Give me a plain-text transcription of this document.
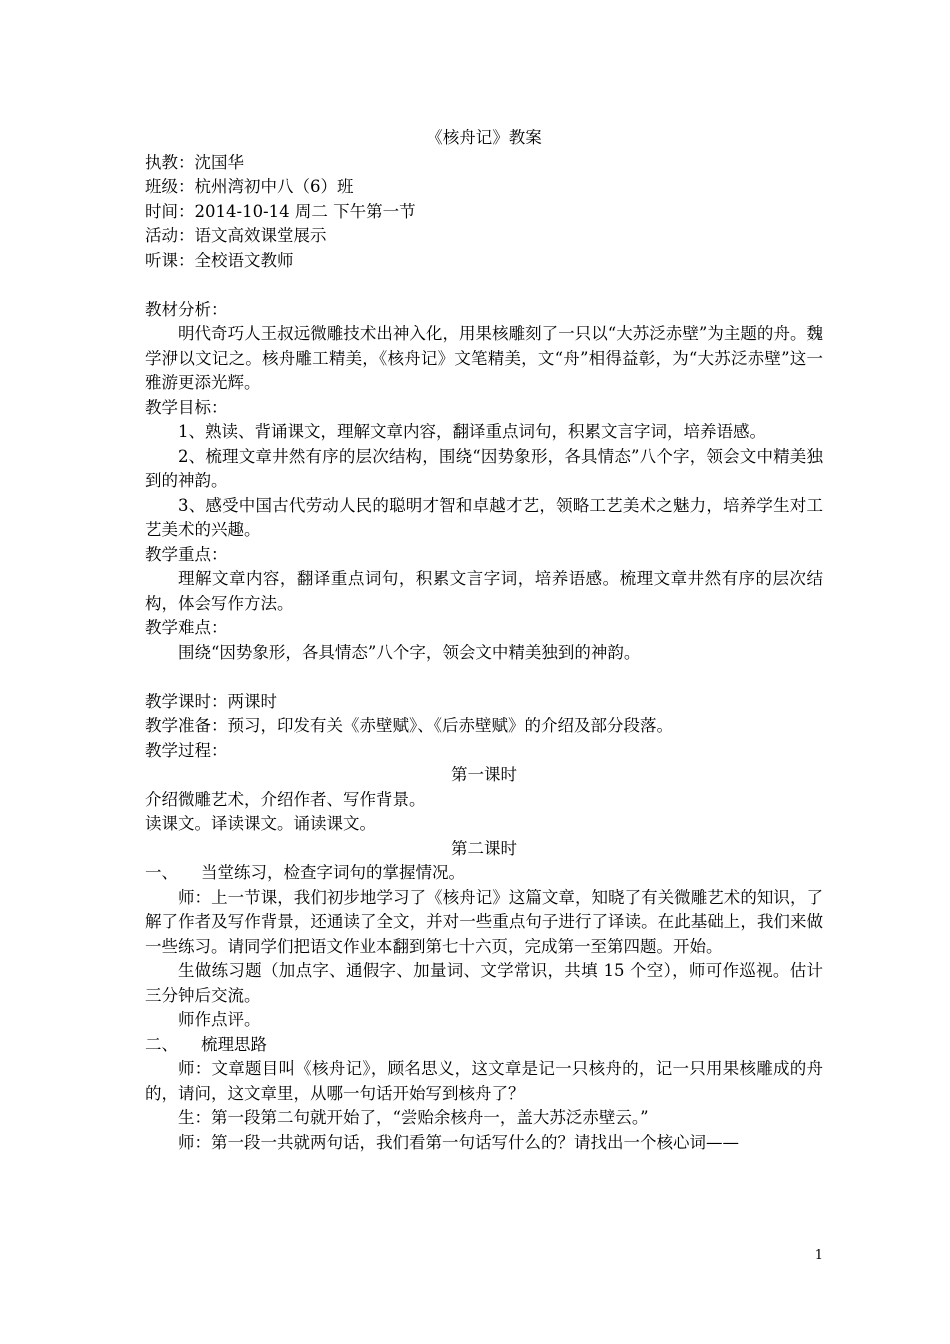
《核舟记》教案
执教：沈国华
班级：杭州湾初中八（6）班
时间：2014-10-14 周二 下午第一节
活动：语文高效课堂展示
听课：全校语文教师
教材分析：
明代奇巧人王叔远微雕技术出神入化，用果核雕刻了一只以“大苏泛赤壁”为主题的舟。魏学洢以文记之。核舟雕工精美，《核舟记》文笔精美，文“舟”相得益彰，为“大苏泛赤壁”这一雅游更添光辉。
教学目标：
1、熟读、背诵课文，理解文章内容，翻译重点词句，积累文言字词，培养语感。
2、梳理文章井然有序的层次结构，围绕“因势象形，各具情态”八个字，领会文中精美独到的神韵。
3、感受中国古代劳动人民的聪明才智和卓越才艺，领略工艺美术之魅力，培养学生对工艺美术的兴趣。
教学重点：
理解文章内容，翻译重点词句，积累文言字词，培养语感。梳理文章井然有序的层次结构，体会写作方法。
教学难点：
围绕“因势象形，各具情态”八个字，领会文中精美独到的神韵。
教学课时：两课时
教学准备：预习，印发有关《赤壁赋》、《后赤壁赋》的介绍及部分段落。
教学过程：
第一课时
介绍微雕艺术，介绍作者、写作背景。
读课文。译读课文。诵读课文。
第二课时
一、	当堂练习，检查字词句的掌握情况。
师：上一节课，我们初步地学习了《核舟记》这篇文章，知晓了有关微雕艺术的知识，了解了作者及写作背景，还通读了全文，并对一些重点句子进行了译读。在此基础上，我们来做一些练习。请同学们把语文作业本翻到第七十六页，完成第一至第四题。开始。
生做练习题（加点字、通假字、加量词、文学常识，共填 15 个空），师可作巡视。估计三分钟后交流。
师作点评。
二、	梳理思路
师：文章题目叫《核舟记》，顾名思义，这文章是记一只核舟的，记一只用果核雕成的舟的，请问，这文章里，从哪一句话开始写到核舟了？
生：第一段第二句就开始了，“尝贻余核舟一，盖大苏泛赤壁云。”
师：第一段一共就两句话，我们看第一句话写什么的？请找出一个核心词——
1
